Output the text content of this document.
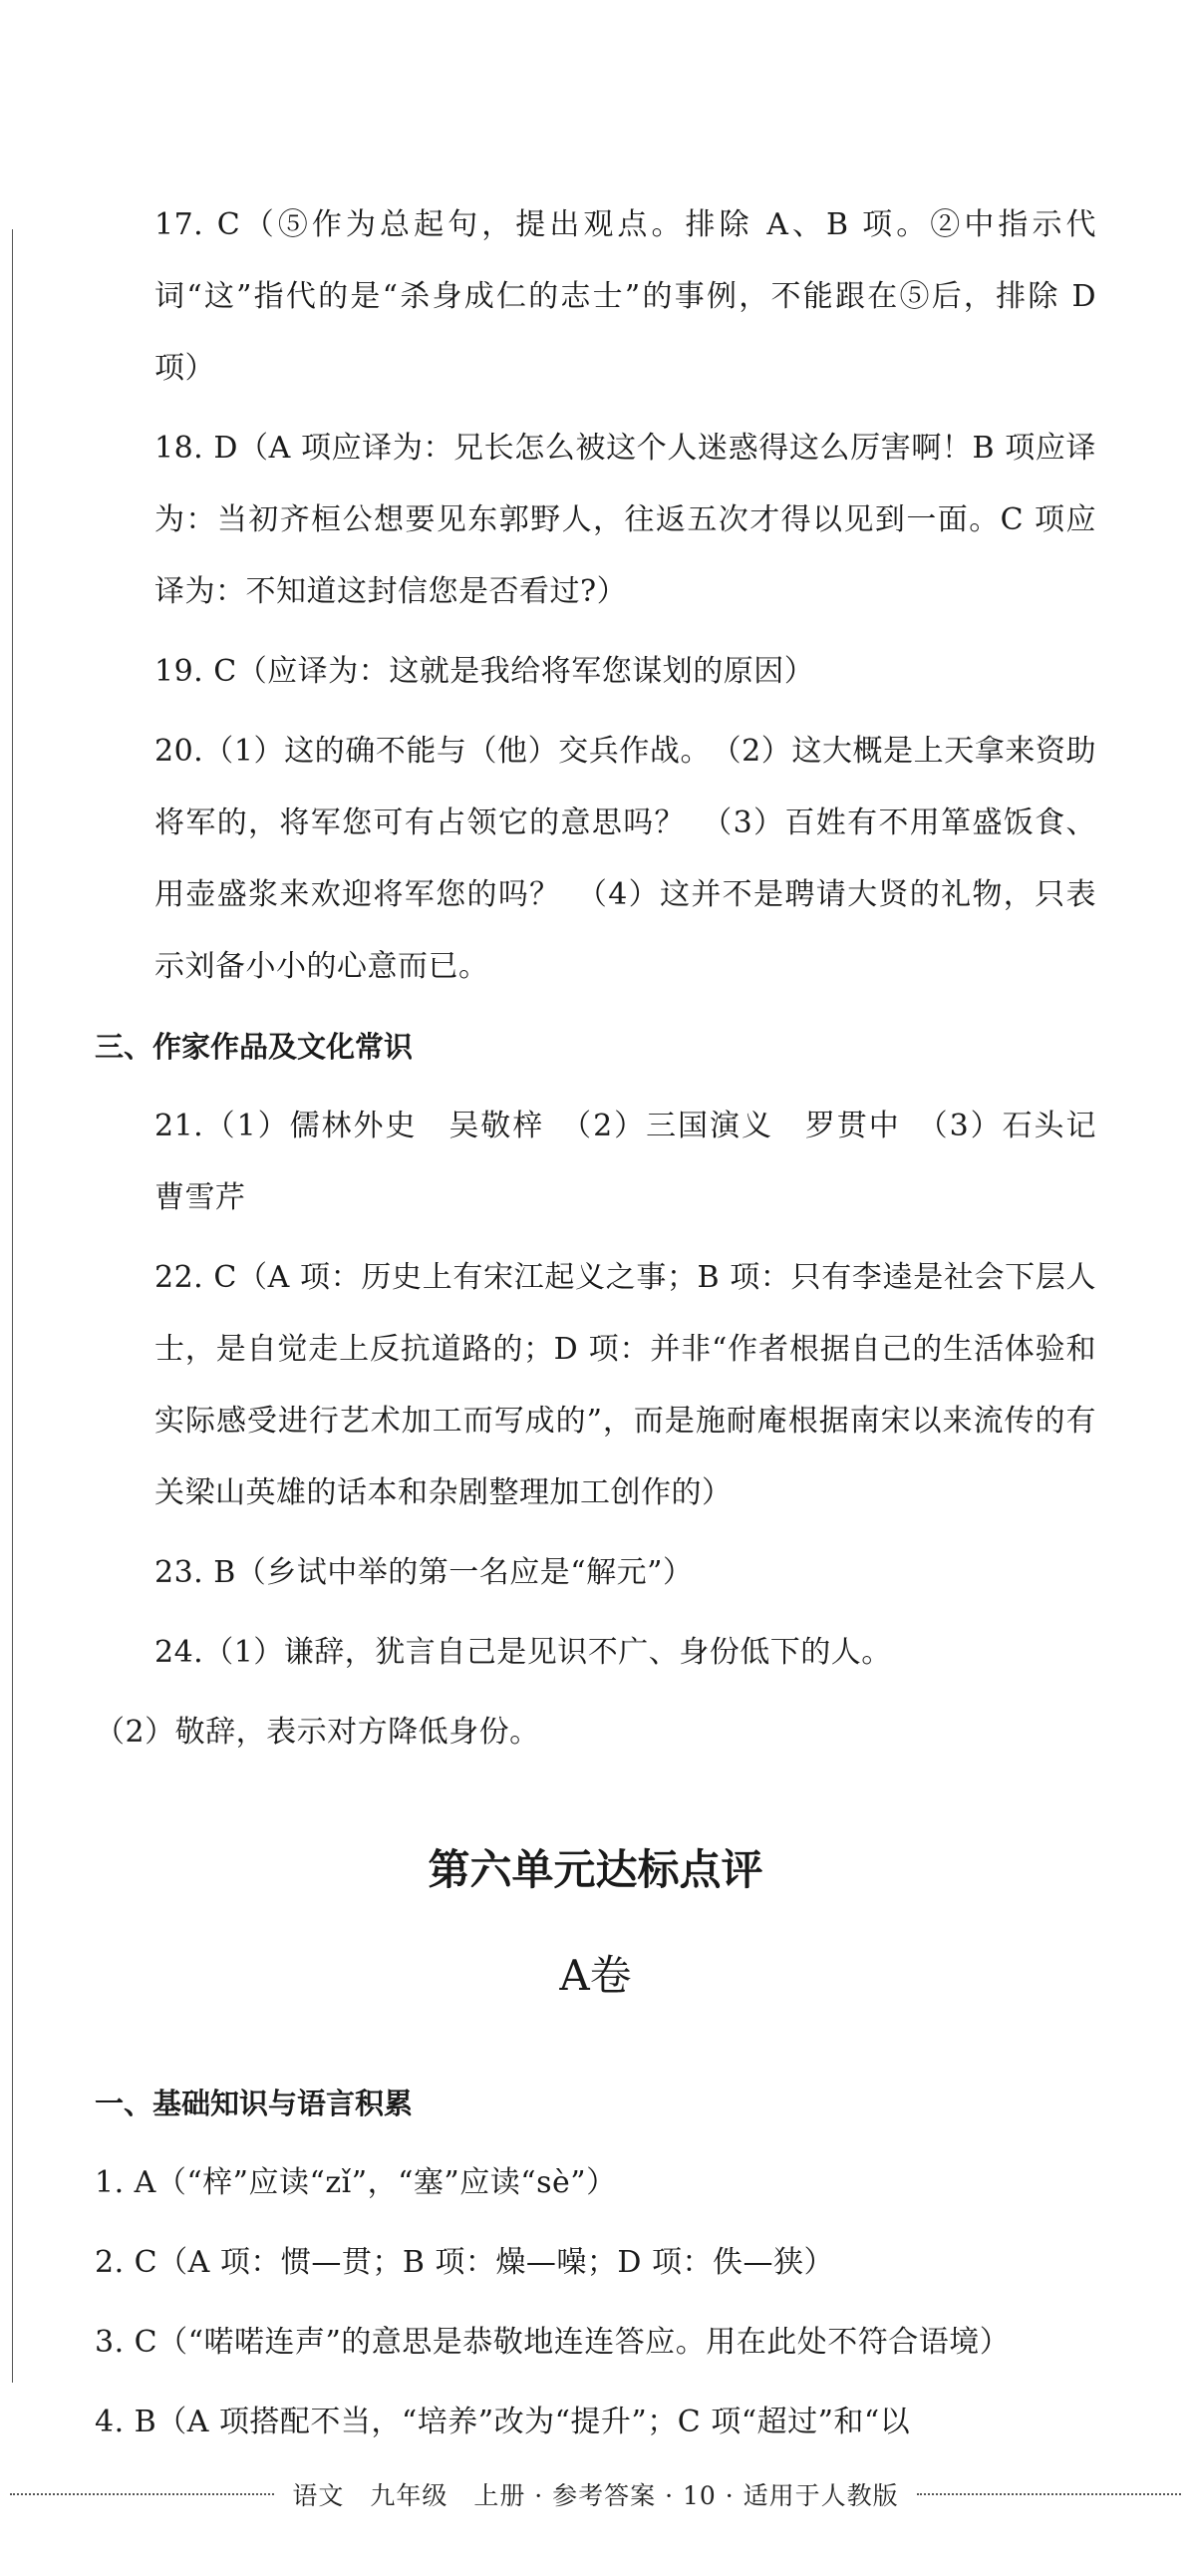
17. C（⑤作为总起句，提出观点。排除 A、B 项。②中指示代词“这”指代的是“杀身成仁的志士”的事例，不能跟在⑤后，排除 D 项）

18. D（A 项应译为：兄长怎么被这个人迷惑得这么厉害啊！B 项应译为：当初齐桓公想要见东郭野人，往返五次才得以见到一面。C 项应译为：不知道这封信您是否看过?）

19. C（应译为：这就是我给将军您谋划的原因）

20.（1）这的确不能与（他）交兵作战。　（2）这大概是上天拿来资助将军的，将军您可有占领它的意思吗？　（3）百姓有不用箪盛饭食、用壶盛浆来欢迎将军您的吗？　（4）这并不是聘请大贤的礼物，只表示刘备小小的心意而已。

三、作家作品及文化常识

21.（1）儒林外史　吴敬梓　（2）三国演义　罗贯中　（3）石头记　曹雪芹

22. C（A 项：历史上有宋江起义之事；B 项：只有李逵是社会下层人士，是自觉走上反抗道路的；D 项：并非“作者根据自己的生活体验和实际感受进行艺术加工而写成的”，而是施耐庵根据南宋以来流传的有关梁山英雄的话本和杂剧整理加工创作的）

23. B（乡试中举的第一名应是“解元”）

24.（1）谦辞，犹言自己是见识不广、身份低下的人。

（2）敬辞，表示对方降低身份。

第六单元达标点评
A卷
一、基础知识与语言积累

1. A（“梓”应读“zǐ”，“塞”应读“sè”）

2. C（A 项：惯—贯；B 项：燥—噪；D 项：佚—狭）

3. C（“喏喏连声”的意思是恭敬地连连答应。用在此处不符合语境）

4. B（A 项搭配不当，“培养”改为“提升”；C 项“超过”和“以

语文　九年级　上册 · 参考答案 · 10 · 适用于人教版
